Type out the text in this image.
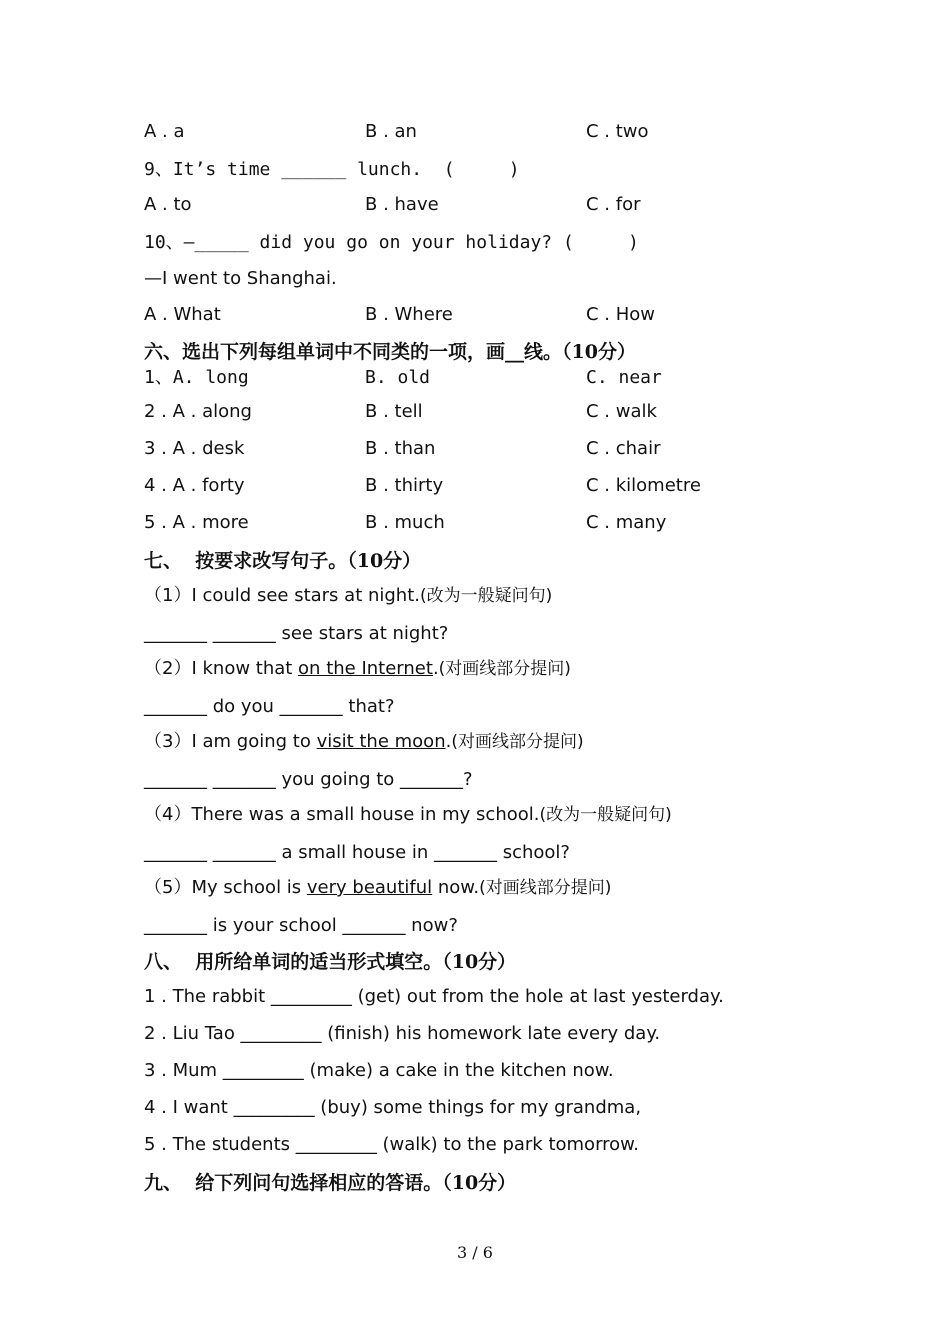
A . a	B . an	C . two
9、It’s time ______ lunch.  (     )
A . to	B . have	C . for
10、—_____ did you go on your holiday? (     )
—I went to Shanghai.
A . What	B . Where	C . How
六、选出下列每组单词中不同类的一项，画__线。（10分）
1、A. long	B. old	C. near
2 . A . along	B . tell	C . walk
3 . A . desk	B . than	C . chair
4 . A . forty	B . thirty	C . kilometre
5 . A . more	B . much	C . many
七、  按要求改写句子。（10分）
（1）I could see stars at night.(改为一般疑问句)
_______ _______ see stars at night?
（2）I know that on the Internet.(对画线部分提问)
_______ do you _______ that?
（3）I am going to visit the moon.(对画线部分提问)
_______ _______ you going to _______?
（4）There was a small house in my school.(改为一般疑问句)
_______ _______ a small house in _______ school?
（5）My school is very beautiful now.(对画线部分提问)
_______ is your school _______ now?
八、  用所给单词的适当形式填空。（10分）
1 . The rabbit _________ (get) out from the hole at last yesterday.
2 . Liu Tao _________ (finish) his homework late every day.
3 . Mum _________ (make) a cake in the kitchen now.
4 . I want _________ (buy) some things for my grandma,
5 . The students _________ (walk) to the park tomorrow.
九、  给下列问句选择相应的答语。（10分）
3 / 6
